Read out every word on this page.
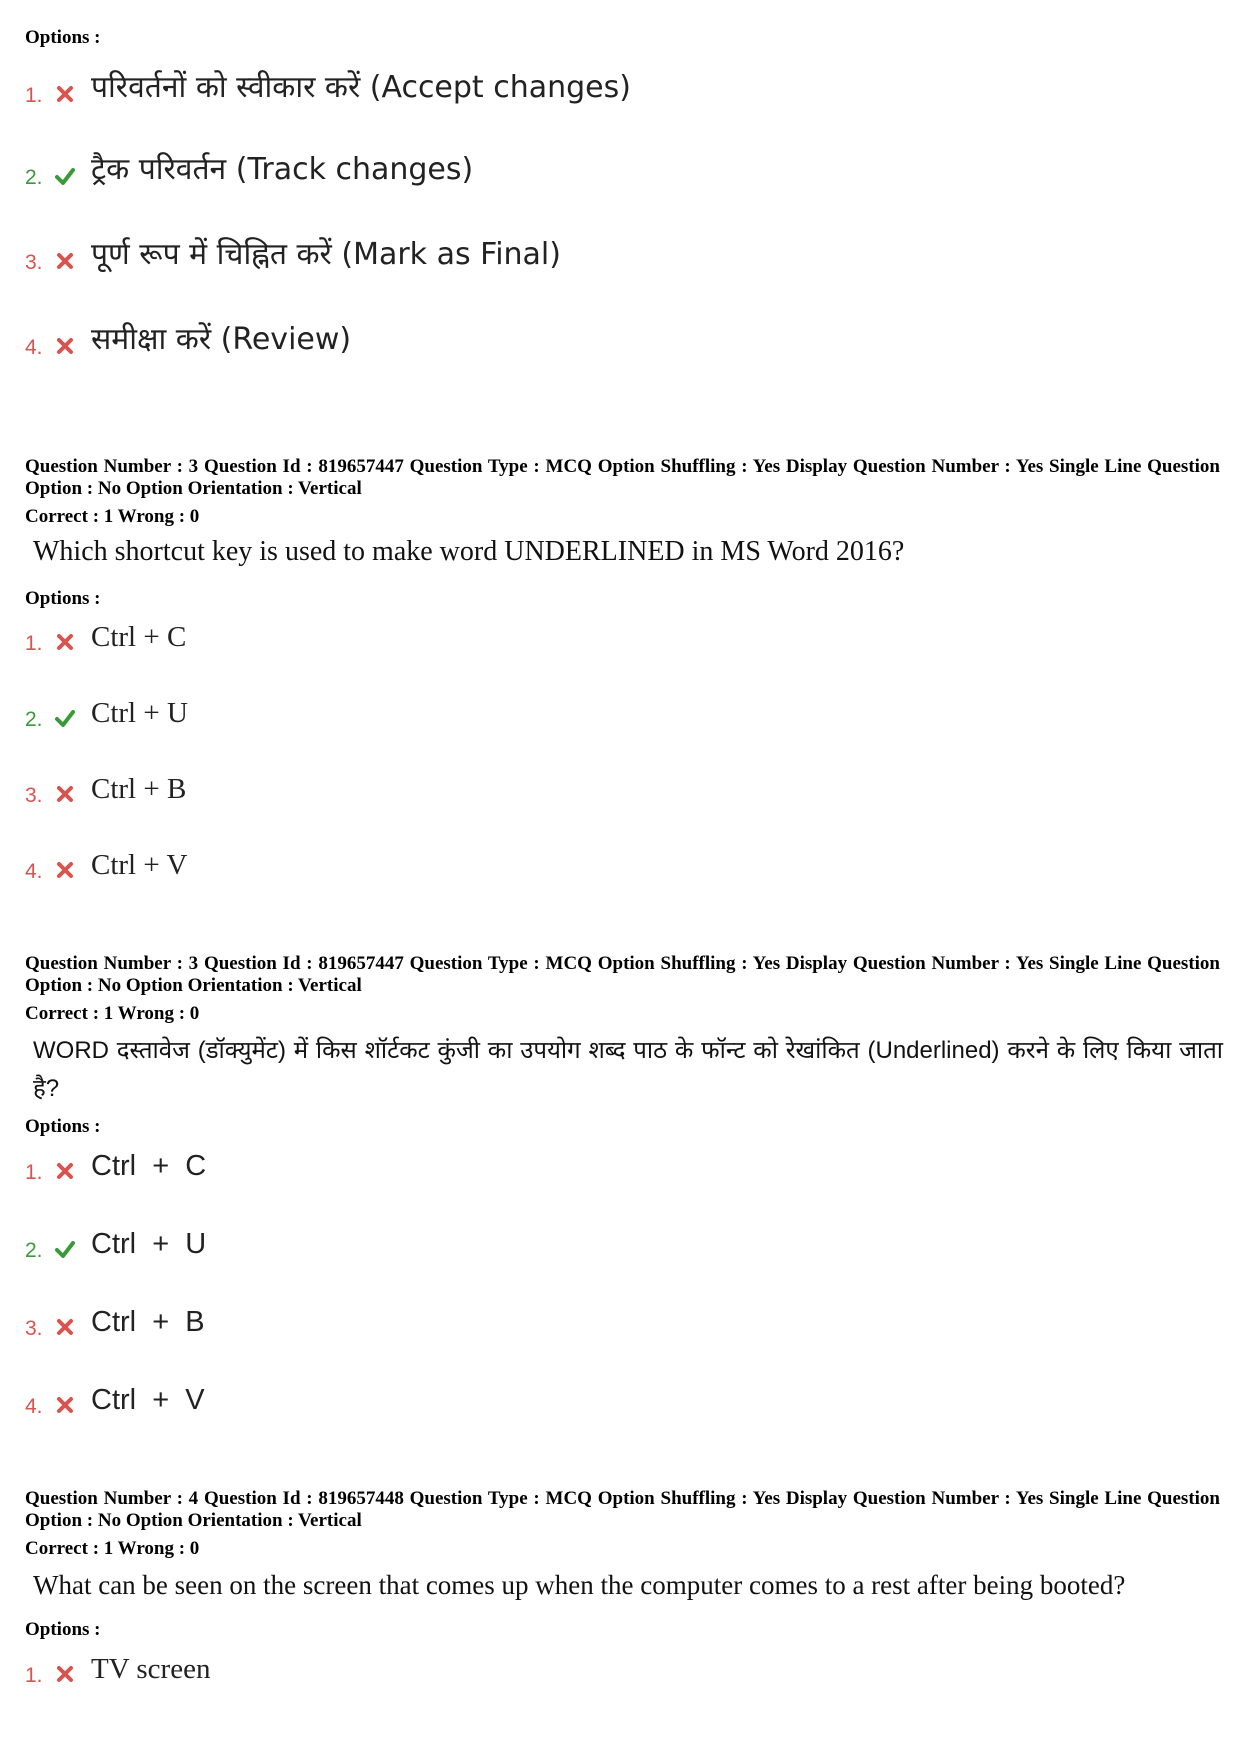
Options :
1. परिवर्तनों को स्वीकार करें (Accept changes)
2. ट्रैक परिवर्तन (Track changes)
3. पूर्ण रूप में चिह्नित करें (Mark as Final)
4. समीक्षा करें (Review)
Question Number : 3 Question Id : 819657447 Question Type : MCQ Option Shuffling : Yes Display Question Number : Yes Single Line Question Option : No Option Orientation : Vertical
Correct : 1 Wrong : 0
Which shortcut key is used to make word UNDERLINED in MS Word 2016?
Options :
1. Ctrl + C
2. Ctrl + U
3. Ctrl + B
4. Ctrl + V
Question Number : 3 Question Id : 819657447 Question Type : MCQ Option Shuffling : Yes Display Question Number : Yes Single Line Question Option : No Option Orientation : Vertical
Correct : 1 Wrong : 0
WORD दस्तावेज (डॉक्युमेंट) में किस शॉर्टकट कुंजी का उपयोग शब्द पाठ के फॉन्ट को रेखांकित (Underlined) करने के लिए किया जाता है?
Options :
1. Ctrl  +  C
2. Ctrl  +  U
3. Ctrl  +  B
4. Ctrl  +  V
Question Number : 4 Question Id : 819657448 Question Type : MCQ Option Shuffling : Yes Display Question Number : Yes Single Line Question Option : No Option Orientation : Vertical
Correct : 1 Wrong : 0
What can be seen on the screen that comes up when the computer comes to a rest after being booted?
Options :
1. TV screen
